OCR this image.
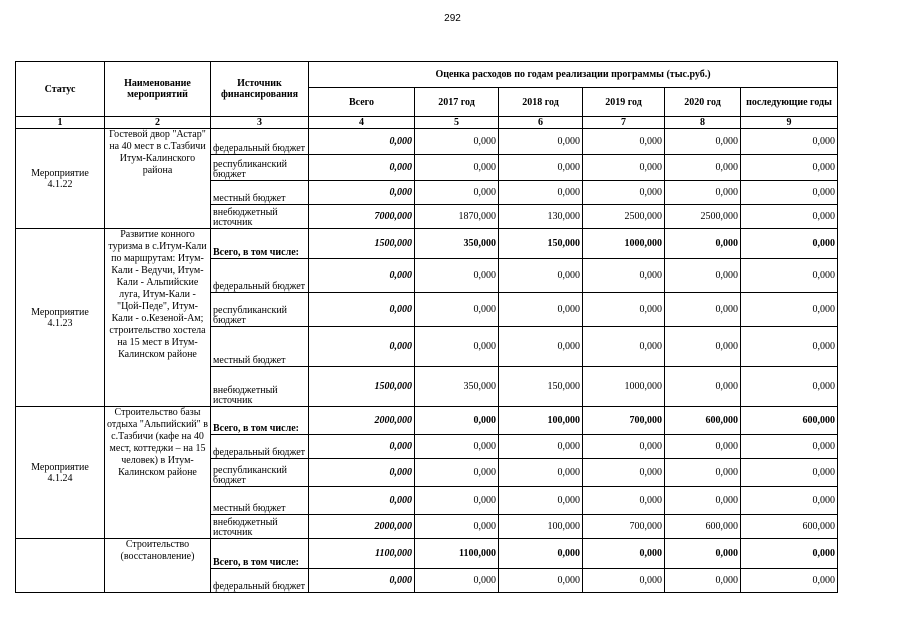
292
Статус	Наименование мероприятий	Источник финансирования	Оценка расходов по годам реализации программы (тыс.руб.)					
			Всего	2017 год	2018 год	2019 год	2020 год	последующие годы
1	2	3	4	5	6	7	8	9
Мероприятие 4.1.22	Гостевой двор "Астар" на 40 мест в с.Тазбичи Итум-Калинского района	федеральный бюджет	0,000	0,000	0,000	0,000	0,000	0,000
		республиканский бюджет	0,000	0,000	0,000	0,000	0,000	0,000
		местный бюджет	0,000	0,000	0,000	0,000	0,000	0,000
		внебюджетный источник	7000,000	1870,000	130,000	2500,000	2500,000	0,000
Мероприятие 4.1.23	Развитие конного туризма в с.Итум-Кали по маршрутам: Итум-Кали - Ведучи, Итум-Кали - Альпийские луга, Итум-Кали - "Цой-Педе", Итум-Кали - о.Кезеной-Ам; строительство хостела на 15 мест в Итум-Калинском районе	Всего, в том числе:	1500,000	350,000	150,000	1000,000	0,000	0,000
		федеральный бюджет	0,000	0,000	0,000	0,000	0,000	0,000
		республиканский бюджет	0,000	0,000	0,000	0,000	0,000	0,000
		местный бюджет	0,000	0,000	0,000	0,000	0,000	0,000
		внебюджетный источник	1500,000	350,000	150,000	1000,000	0,000	0,000
Мероприятие 4.1.24	Строительство базы отдыха "Альпийский" в с.Тазбичи (кафе на 40 мест, коттеджи – на 15 человек) в Итум-Калинском районе	Всего, в том числе:	2000,000	0,000	100,000	700,000	600,000	600,000
		федеральный бюджет	0,000	0,000	0,000	0,000	0,000	0,000
		республиканский бюджет	0,000	0,000	0,000	0,000	0,000	0,000
		местный бюджет	0,000	0,000	0,000	0,000	0,000	0,000
		внебюджетный источник	2000,000	0,000	100,000	700,000	600,000	600,000
	Строительство (восстановление)	Всего, в том числе:	1100,000	1100,000	0,000	0,000	0,000	0,000
		федеральный бюджет	0,000	0,000	0,000	0,000	0,000	0,000
